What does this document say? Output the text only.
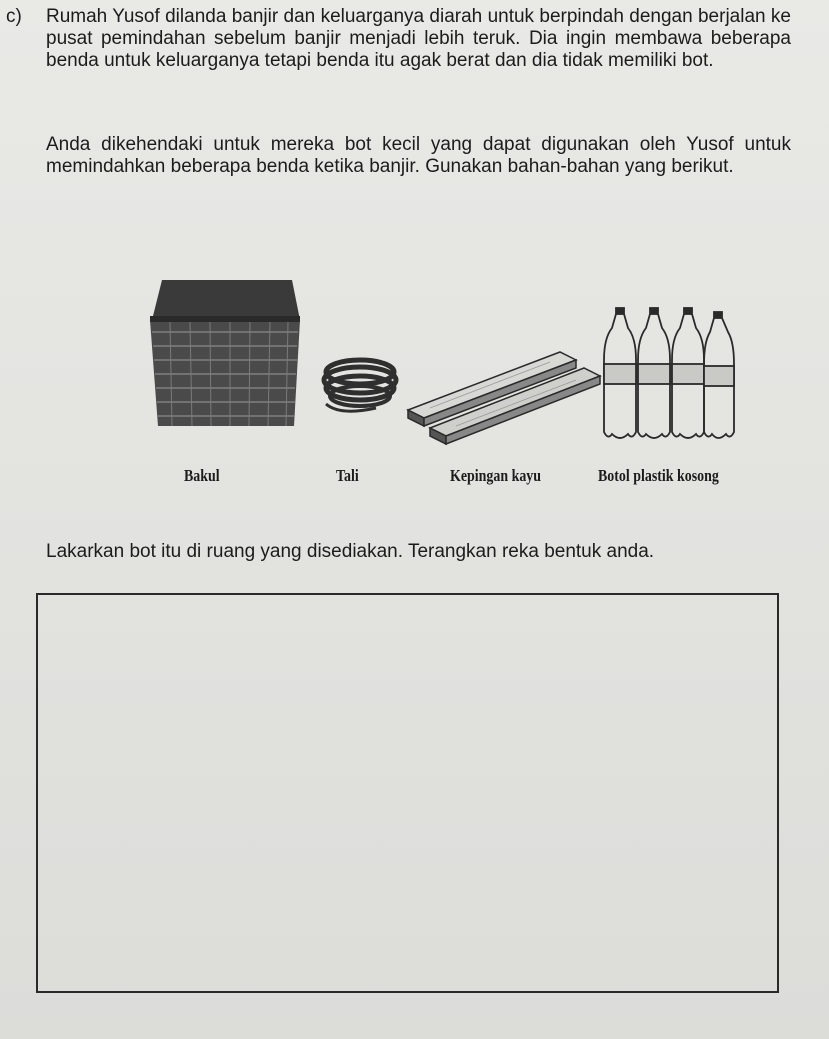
c) Rumah Yusof dilanda banjir dan keluarganya diarah untuk berpindah dengan berjalan ke pusat pemindahan sebelum banjir menjadi lebih teruk. Dia ingin membawa beberapa benda untuk keluarganya tetapi benda itu agak berat dan dia tidak memiliki bot.
Anda dikehendaki untuk mereka bot kecil yang dapat digunakan oleh Yusof untuk memindahkan beberapa benda ketika banjir. Gunakan bahan-bahan yang berikut.
Bakul	Tali	Kepingan kayu	Botol plastik kosong
Lakarkan bot itu di ruang yang disediakan. Terangkan reka bentuk anda.
